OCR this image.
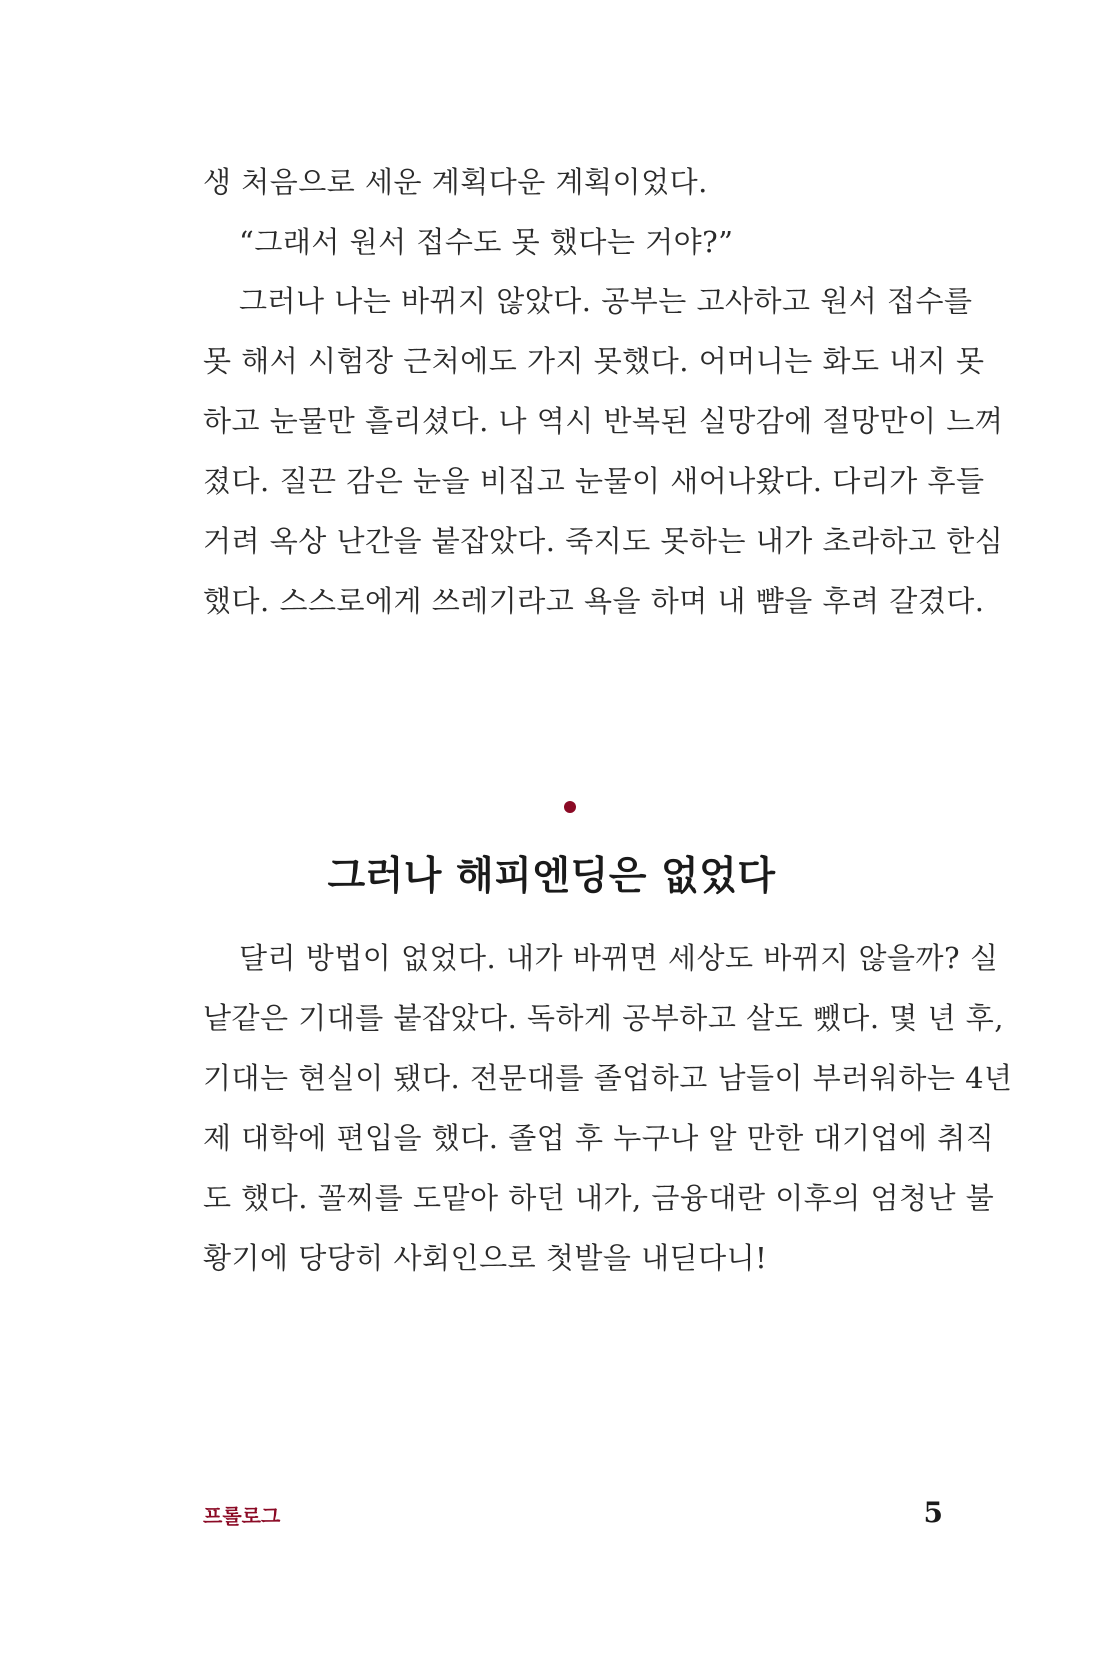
생 처음으로 세운 계획다운 계획이었다.
“그래서 원서 접수도 못 했다는 거야?”
그러나 나는 바뀌지 않았다. 공부는 고사하고 원서 접수를
못 해서 시험장 근처에도 가지 못했다. 어머니는 화도 내지 못
하고 눈물만 흘리셨다. 나 역시 반복된 실망감에 절망만이 느껴
졌다. 질끈 감은 눈을 비집고 눈물이 새어나왔다. 다리가 후들
거려 옥상 난간을 붙잡았다. 죽지도 못하는 내가 초라하고 한심
했다. 스스로에게 쓰레기라고 욕을 하며 내 뺨을 후려 갈겼다.
그러나 해피엔딩은 없었다
달리 방법이 없었다. 내가 바뀌면 세상도 바뀌지 않을까? 실
낱같은 기대를 붙잡았다. 독하게 공부하고 살도 뺐다. 몇 년 후,
기대는 현실이 됐다. 전문대를 졸업하고 남들이 부러워하는 4년
제 대학에 편입을 했다. 졸업 후 누구나 알 만한 대기업에 취직
도 했다. 꼴찌를 도맡아 하던 내가, 금융대란 이후의 엄청난 불
황기에 당당히 사회인으로 첫발을 내딛다니!
프롤로그	5
